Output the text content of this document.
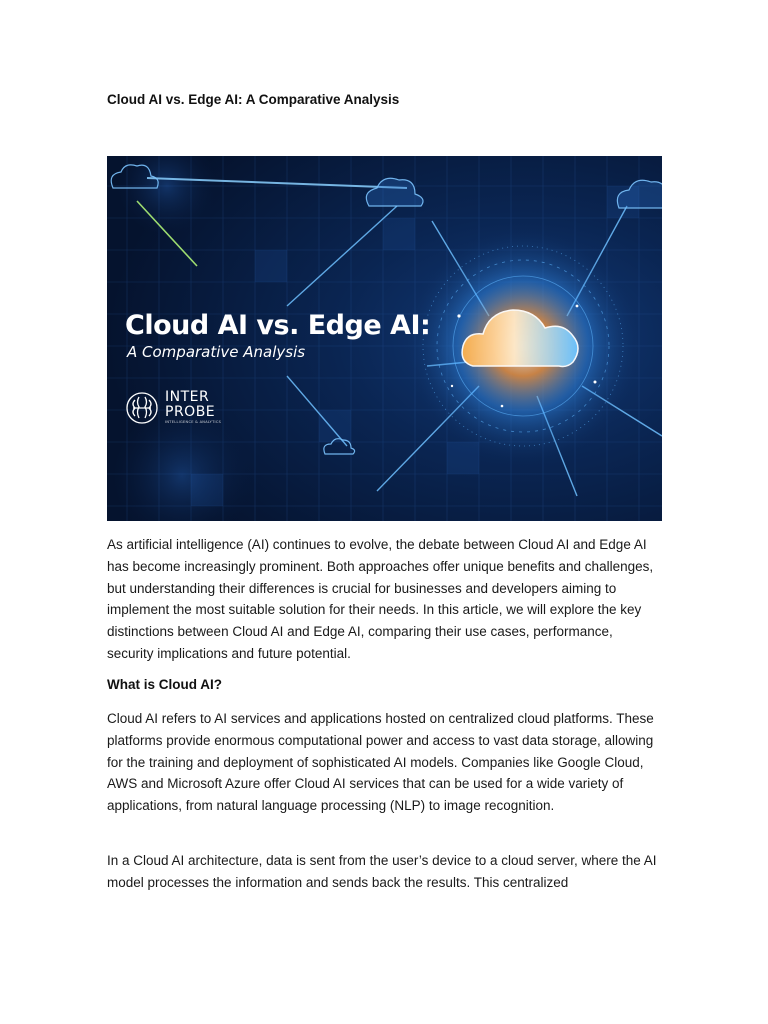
Cloud AI vs. Edge AI: A Comparative Analysis
Cloud AI vs. Edge AI:
A Comparative Analysis
INTER
PROBE
INTELLIGENCE & ANALYTICS

As artificial intelligence (AI) continues to evolve, the debate between Cloud AI and Edge AI has become increasingly prominent. Both approaches offer unique benefits and challenges, but understanding their differences is crucial for businesses and developers aiming to implement the most suitable solution for their needs. In this article, we will explore the key distinctions between Cloud AI and Edge AI, comparing their use cases, performance, security implications and future potential.

What is Cloud AI?

Cloud AI refers to AI services and applications hosted on centralized cloud platforms. These platforms provide enormous computational power and access to vast data storage, allowing for the training and deployment of sophisticated AI models. Companies like Google Cloud, AWS and Microsoft Azure offer Cloud AI services that can be used for a wide variety of applications, from natural language processing (NLP) to image recognition.

In a Cloud AI architecture, data is sent from the user’s device to a cloud server, where the AI model processes the information and sends back the results. This centralized
